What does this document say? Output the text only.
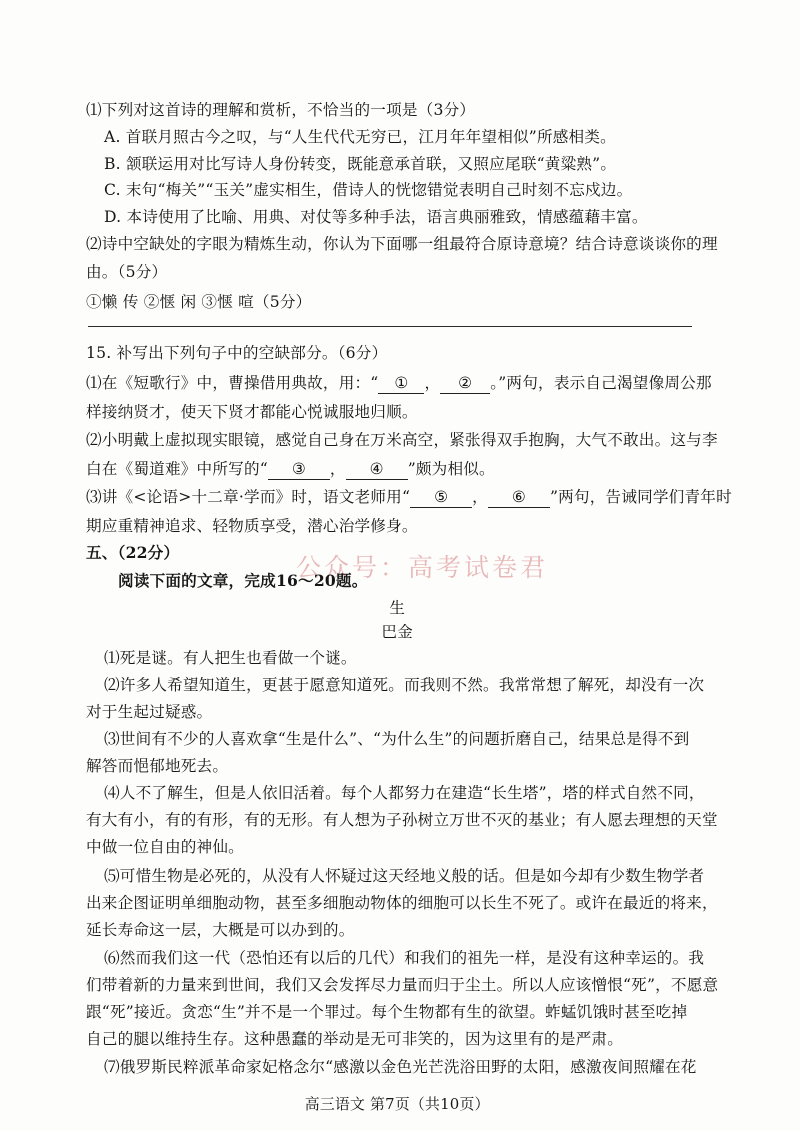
⑴下列对这首诗的理解和赏析，不恰当的一项是（3分）
A. 首联月照古今之叹，与“人生代代无穷已，江月年年望相似”所感相类。
B. 颔联运用对比写诗人身份转变，既能意承首联，又照应尾联“黄粱熟”。
C. 末句“梅关”“玉关”虚实相生，借诗人的恍惚错觉表明自己时刻不忘戍边。
D. 本诗使用了比喻、用典、对仗等多种手法，语言典丽雅致，情感蕴藉丰富。
⑵诗中空缺处的字眼为精炼生动，你认为下面哪一组最符合原诗意境？结合诗意谈谈你的理
由。（5分）
①懒 传 ②惬 闲 ③惬 喧（5分）
15. 补写出下列句子中的空缺部分。（6分）
⑴在《短歌行》中，曹操借用典故，用：“ ① ， ② 。”两句，表示自己渴望像周公那
样接纳贤才，使天下贤才都能心悦诚服地归顺。
⑵小明戴上虚拟现实眼镜，感觉自己身在万米高空，紧张得双手抱胸，大气不敢出。这与李
白在《蜀道难》中所写的“ ③ ， ④ ”颇为相似。
⑶讲《<论语>十二章·学而》时，语文老师用“ ⑤ ， ⑥ ”两句，告诫同学们青年时
期应重精神追求、轻物质享受，潜心治学修身。
五、（22分）
公众号：高考试卷君
阅读下面的文章，完成16～20题。
生
巴金
⑴死是谜。有人把生也看做一个谜。
⑵许多人希望知道生，更甚于愿意知道死。而我则不然。我常常想了解死，却没有一次
对于生起过疑惑。
⑶世间有不少的人喜欢拿“生是什么”、“为什么生”的问题折磨自己，结果总是得不到
解答而悒郁地死去。
⑷人不了解生，但是人依旧活着。每个人都努力在建造“长生塔”，塔的样式自然不同，
有大有小，有的有形，有的无形。有人想为子孙树立万世不灭的基业；有人愿去理想的天堂
中做一位自由的神仙。
⑸可惜生物是必死的，从没有人怀疑过这天经地义般的话。但是如今却有少数生物学者
出来企图证明单细胞动物，甚至多细胞动物体的细胞可以长生不死了。或许在最近的将来，
延长寿命这一层，大概是可以办到的。
⑹然而我们这一代（恐怕还有以后的几代）和我们的祖先一样，是没有这种幸运的。我
们带着新的力量来到世间，我们又会发挥尽力量而归于尘土。所以人应该憎恨“死”，不愿意
跟“死”接近。贪恋“生”并不是一个罪过。每个生物都有生的欲望。蚱蜢饥饿时甚至吃掉
自己的腿以维持生存。这种愚蠢的举动是无可非笑的，因为这里有的是严肃。
⑺俄罗斯民粹派革命家妃格念尔“感激以金色光芒洗浴田野的太阳，感激夜间照耀在花
高三语文 第7页（共10页）
